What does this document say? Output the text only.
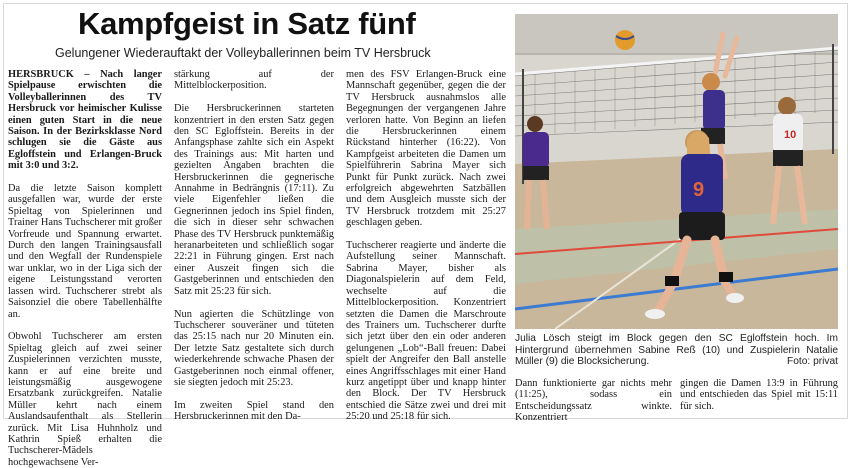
Kampfgeist in Satz fünf
Gelungener Wiederauftakt der Volleyballerinnen beim TV Hersbruck

HERSBRUCK – Nach langer Spielpause erwischten die Volleyballerinnen des TV Hersbruck vor heimischer Kulisse einen guten Start in die neue Saison. In der Bezirksklasse Nord schlugen sie die Gäste aus Egloffstein und Erlangen-Bruck mit 3:0 und 3:2.

Da die letzte Saison komplett ausgefallen war, wurde der erste Spieltag von Spielerinnen und Trainer Hans Tuchscherer mit großer Vorfreude und Spannung erwartet. Durch den langen Trainingsausfall und den Wegfall der Rundenspiele war unklar, wo in der Liga sich der eigene Leistungsstand verorten lassen wird. Tuchscherer strebt als Saisonziel die obere Tabellenhälfte an.

Obwohl Tuchscherer am ersten Spieltag gleich auf zwei seiner Zuspielerinnen verzichten musste, kann er auf eine breite und leistungsmäßig ausgewogene Ersatzbank zurückgreifen. Natalie Müller kehrt nach einem Auslandsaufenthalt als Stellerin zurück. Mit Lisa Huhnholz und Kathrin Spieß erhalten die Tuchscherer-Mädels hochgewachsene Ver-

stärkung auf der Mittelblockerposition.

Die Hersbruckerinnen starteten konzentriert in den ersten Satz gegen den SC Egloffstein. Bereits in der Anfangsphase zahlte sich ein Aspekt des Trainings aus: Mit harten und gezielten Angaben brachten die Hersbruckerinnen die gegnerische Annahme in Bedrängnis (17:11). Zu viele Eigenfehler ließen die Gegnerinnen jedoch ins Spiel finden, die sich in dieser sehr schwachen Phase des TV Hersbruck punktemäßig heranarbeiteten und schließlich sogar 22:21 in Führung gingen. Erst nach einer Auszeit fingen sich die Gastgeberinnen und entschieden den Satz mit 25:23 für sich.

Nun agierten die Schützlinge von Tuchscherer souveräner und tüteten das 25:15 nach nur 20 Minuten ein. Der letzte Satz gestaltete sich durch wiederkehrende schwache Phasen der Gastgeberinnen noch einmal offener, sie siegten jedoch mit 25:23.

Im zweiten Spiel stand den Hersbruckerinnen mit den Da-

men des FSV Erlangen-Bruck eine Mannschaft gegenüber, gegen die der TV Hersbruck ausnahmslos alle Begegnungen der vergangenen Jahre verloren hatte. Von Beginn an liefen die Hersbruckerinnen einem Rückstand hinterher (16:22). Von Kampfgeist arbeiteten die Damen um Spielführerin Sabrina Mayer sich Punkt für Punkt zurück. Nach zwei erfolgreich abgewehrten Satzbällen und dem Ausgleich musste sich der TV Hersbruck trotzdem mit 25:27 geschlagen geben.

Tuchscherer reagierte und änderte die Aufstellung seiner Mannschaft. Sabrina Mayer, bisher als Diagonalspielerin auf dem Feld, wechselte auf die Mittelblockerposition. Konzentriert setzten die Damen die Marschroute des Trainers um. Tuchscherer durfte sich jetzt über den ein oder anderen gelungenen „Lob“-Ball freuen: Dabei spielt der Angreifer den Ball anstelle eines Angriffsschlages mit einer Hand kurz angetippt über und knapp hinter den Block. Der TV Hersbruck entschied die Sätze zwei und drei mit 25:20 und 25:18 für sich.

10
9
Julia Lösch steigt im Block gegen den SC Egloffstein hoch. Im Hintergrund übernehmen Sabine Reß (10) und Zuspielerin Natalie Müller (9) die Blocksicherung.	Foto: privat

Dann funktionierte gar nichts mehr (11:25), sodass ein Entscheidungssatz winkte. Konzentriert

gingen die Damen 13:9 in Führung und entschieden das Spiel mit 15:11 für sich.
